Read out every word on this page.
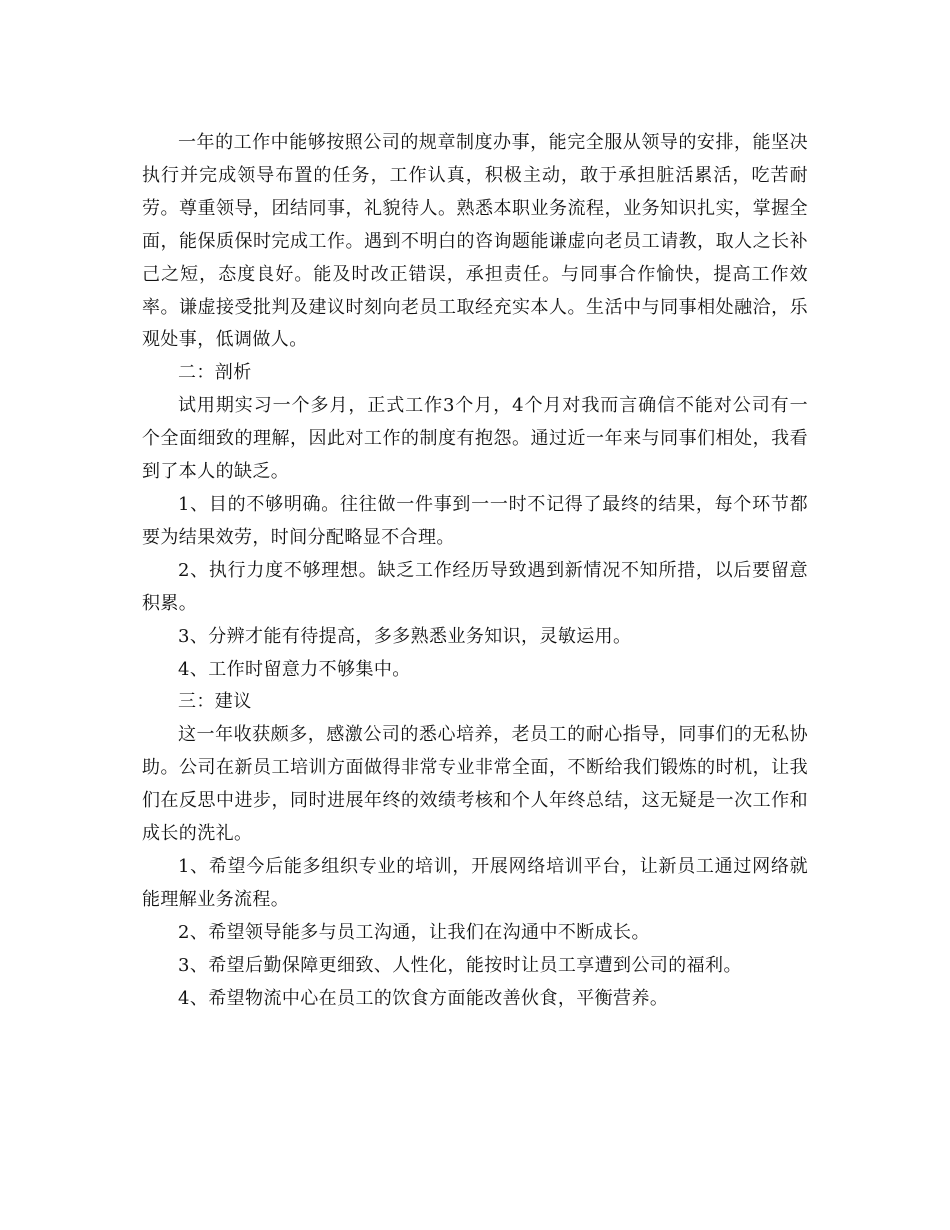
一年的工作中能够按照公司的规章制度办事，能完全服从领导的安排，能坚决执行并完成领导布置的任务，工作认真，积极主动，敢于承担脏活累活，吃苦耐劳。尊重领导，团结同事，礼貌待人。熟悉本职业务流程，业务知识扎实，掌握全面，能保质保时完成工作。遇到不明白的咨询题能谦虚向老员工请教，取人之长补己之短，态度良好。能及时改正错误，承担责任。与同事合作愉快，提高工作效率。谦虚接受批判及建议时刻向老员工取经充实本人。生活中与同事相处融洽，乐观处事，低调做人。

二：剖析

试用期实习一个多月，正式工作3个月，4个月对我而言确信不能对公司有一个全面细致的理解，因此对工作的制度有抱怨。通过近一年来与同事们相处，我看到了本人的缺乏。

1、目的不够明确。往往做一件事到一一时不记得了最终的结果，每个环节都要为结果效劳，时间分配略显不合理。

2、执行力度不够理想。缺乏工作经历导致遇到新情况不知所措，以后要留意积累。

3、分辨才能有待提高，多多熟悉业务知识，灵敏运用。

4、工作时留意力不够集中。

三：建议

这一年收获颇多，感激公司的悉心培养，老员工的耐心指导，同事们的无私协助。公司在新员工培训方面做得非常专业非常全面，不断给我们锻炼的时机，让我们在反思中进步，同时进展年终的效绩考核和个人年终总结，这无疑是一次工作和成长的洗礼。

1、希望今后能多组织专业的培训，开展网络培训平台，让新员工通过网络就能理解业务流程。

2、希望领导能多与员工沟通，让我们在沟通中不断成长。

3、希望后勤保障更细致、人性化，能按时让员工享遭到公司的福利。

4、希望物流中心在员工的饮食方面能改善伙食，平衡营养。
